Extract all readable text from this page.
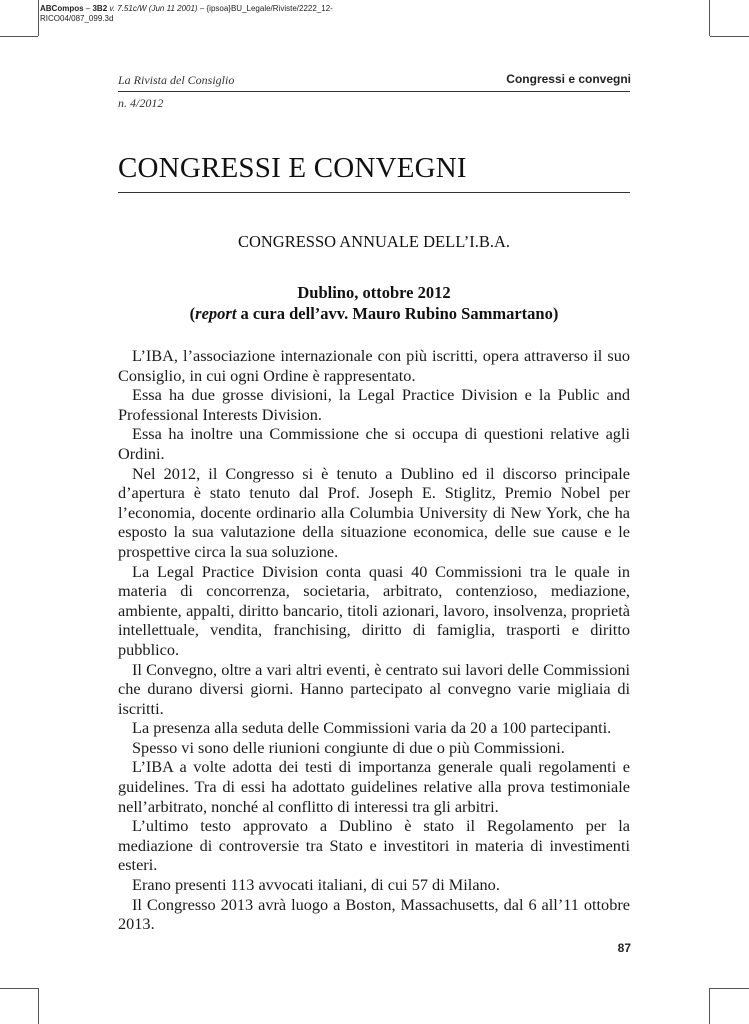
ABCompos – 3B2 v. 7.51c/W (Jun 11 2001) – {ipsoa}BU_Legale/Riviste/2222_12-RICO04/087_099.3d
La Rivista del Consiglio	Congressi e convegni
n. 4/2012
CONGRESSI E CONVEGNI
CONGRESSO ANNUALE DELL’I.B.A.
Dublino, ottobre 2012
(report a cura dell’avv. Mauro Rubino Sammartano)

L’IBA, l’associazione internazionale con più iscritti, opera attraverso il suo Consiglio, in cui ogni Ordine è rappresentato.

Essa ha due grosse divisioni, la Legal Practice Division e la Public and Professional Interests Division.

Essa ha inoltre una Commissione che si occupa di questioni relative agli Ordini.

Nel 2012, il Congresso si è tenuto a Dublino ed il discorso principale d’apertura è stato tenuto dal Prof. Joseph E. Stiglitz, Premio Nobel per l’economia, docente ordinario alla Columbia University di New York, che ha esposto la sua valutazione della situazione economica, delle sue cause e le prospettive circa la sua soluzione.

La Legal Practice Division conta quasi 40 Commissioni tra le quale in materia di concorrenza, societaria, arbitrato, contenzioso, mediazione, ambiente, appalti, diritto bancario, titoli azionari, lavoro, insolvenza, proprietà intellettuale, vendita, franchising, diritto di famiglia, trasporti e diritto pubblico.

Il Convegno, oltre a vari altri eventi, è centrato sui lavori delle Commissioni che durano diversi giorni. Hanno partecipato al convegno varie migliaia di iscritti.

La presenza alla seduta delle Commissioni varia da 20 a 100 partecipanti.

Spesso vi sono delle riunioni congiunte di due o più Commissioni.

L’IBA a volte adotta dei testi di importanza generale quali regolamenti e guidelines. Tra di essi ha adottato guidelines relative alla prova testimoniale nell’arbitrato, nonché al conflitto di interessi tra gli arbitri.

L’ultimo testo approvato a Dublino è stato il Regolamento per la mediazione di controversie tra Stato e investitori in materia di investimenti esteri.

Erano presenti 113 avvocati italiani, di cui 57 di Milano.

Il Congresso 2013 avrà luogo a Boston, Massachusetts, dal 6 all’11 ottobre 2013.

87
